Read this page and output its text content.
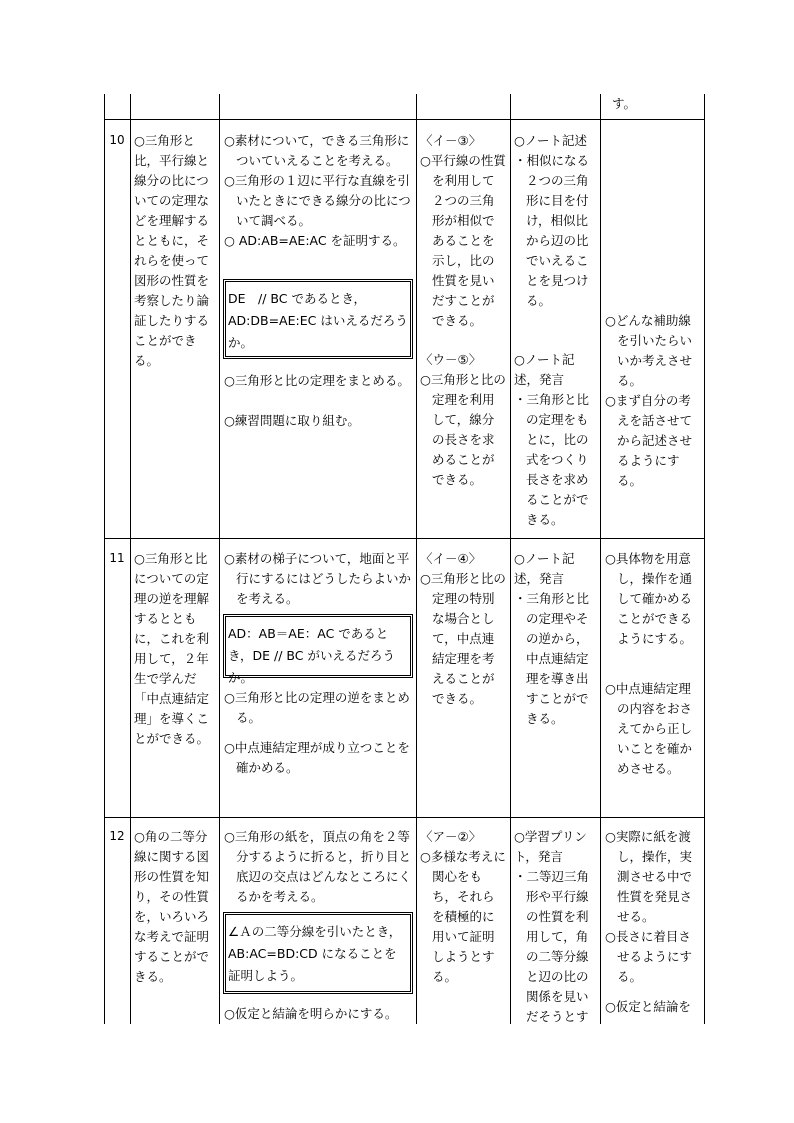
す。

10 ○三角形と比，平行線と線分の比についての定理などを理解するとともに，それらを使って図形の性質を考察したり論証したりすることができる。

○素材について，できる三角形についていえることを考える。

○三角形の１辺に平行な直線を引いたときにできる線分の比について調べる。

○ AD:AB=AE:AC を証明する。

DE　// BC であるとき，AD:DB=AE:EC はいえるだろうか。

○三角形と比の定理をまとめる。

○練習問題に取り組む。

〈イ－③〉

○平行線の性質を利用して２つの三角形が相似であることを示し，比の性質を見いだすことができる。

〈ウ－⑤〉

○三角形と比の定理を利用して，線分の長さを求めることができる。

○ノート記述

・相似になる２つの三角形に目を付け，相似比から辺の比でいえることを見つける。

○ノート記述，発言

・三角形と比の定理をもとに，比の式をつくり長さを求めることができる。

○どんな補助線を引いたらいいか考えさせる。

○まず自分の考えを話させてから記述させるようにする。

11 ○三角形と比についての定理の逆を理解するとともに，これを利用して，２年生で学んだ「中点連結定理」を導くことができる。

○素材の梯子について，地面と平行にするにはどうしたらよいかを考える。

AD：AB＝AE：AC であるとき，DE // BC がいえるだろうか。

○三角形と比の定理の逆をまとめる。

○中点連結定理が成り立つことを確かめる。

〈イ－④〉

○三角形と比の定理の特別な場合として，中点連結定理を考えることができる。

○ノート記述，発言

・三角形と比の定理やその逆から，中点連結定理を導き出すことができる。

○具体物を用意し，操作を通して確かめることができるようにする。

○中点連結定理の内容をおさえてから正しいことを確かめさせる。

12 ○角の二等分線に関する図形の性質を知り，その性質を，いろいろな考えで証明することができる。

○三角形の紙を，頂点の角を２等分するように折ると，折り目と底辺の交点はどんなところにくるかを考える。

∠Ａの二等分線を引いたとき，AB:AC=BD:CD になることを証明しよう。

○仮定と結論を明らかにする。

〈ア－②〉

○多様な考えに関心をもち，それらを積極的に用いて証明しようとする。

○学習プリント，発言

・二等辺三角形や平行線の性質を利用して，角の二等分線と辺の比の関係を見いだそうとす

○実際に紙を渡し，操作，実測させる中で性質を発見させる。

○長さに着目させるようにする。

○仮定と結論を
